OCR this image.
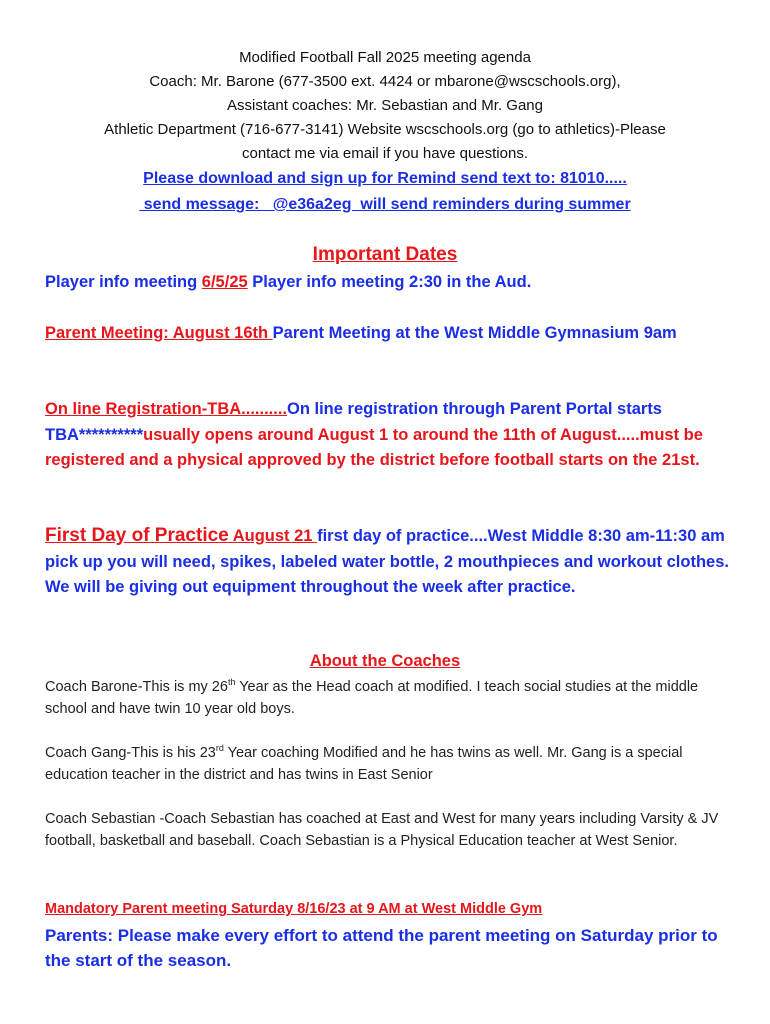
Modified Football Fall 2025 meeting agenda
Coach: Mr. Barone (677-3500 ext. 4424 or mbarone@wscschools.org),
Assistant coaches: Mr. Sebastian and Mr. Gang
Athletic Department (716-677-3141) Website wscschools.org (go to athletics)-Please
contact me via email if you have questions.
Please download and sign up for Remind send text to: 81010.....
send message:   @e36a2eg  will send reminders during summer
Important Dates
Player info meeting 6/5/25 Player info meeting 2:30 in the Aud.
Parent Meeting: August 16th Parent Meeting at the West Middle Gymnasium 9am
On line Registration-TBA..........On line registration through Parent Portal starts TBA**********usually opens around August 1 to around the 11th of August.....must be registered and a physical approved by the district before football starts on the 21st.
First Day of Practice August 21 first day of practice....West Middle 8:30 am-11:30 am pick up you will need, spikes, labeled water bottle, 2 mouthpieces and workout clothes. We will be giving out equipment throughout the week after practice.
About the Coaches
Coach Barone-This is my 26th Year as the Head coach at modified. I teach social studies at the middle school and have twin 10 year old boys.
Coach Gang-This is his 23rd Year coaching Modified and he has twins as well. Mr. Gang is a special education teacher in the district and has twins in East Senior
Coach Sebastian -Coach Sebastian has coached at East and West for many years including Varsity & JV football, basketball and baseball. Coach Sebastian is a Physical Education teacher at West Senior.
Mandatory Parent meeting Saturday 8/16/23 at 9 AM at West Middle Gym
Parents: Please make every effort to attend the parent meeting on Saturday prior to the start of the season.
